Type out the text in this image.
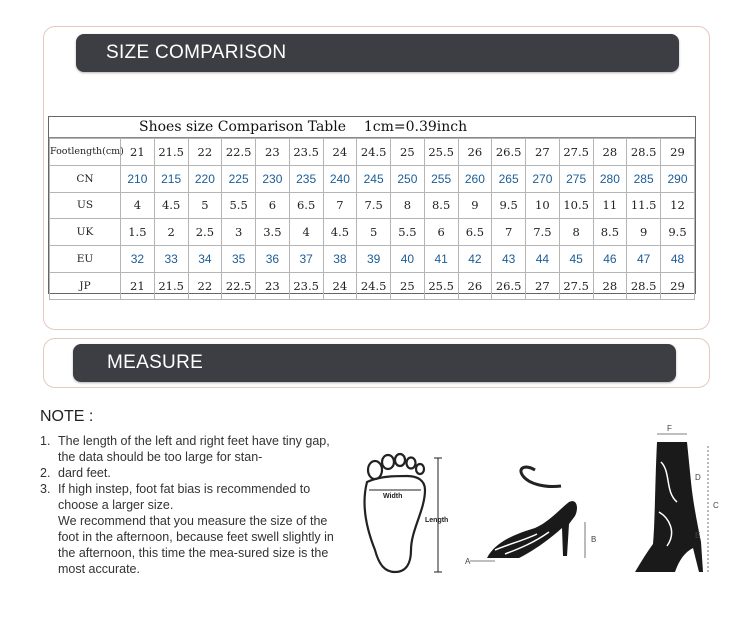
SIZE COMPARISON
Shoes size Comparison Table    1cm=0.39inch
Footlength(cm)	21	21.5	22	22.5	23	23.5	24	24.5	25	25.5	26	26.5	27	27.5	28	28.5	29
CN	210	215	220	225	230	235	240	245	250	255	260	265	270	275	280	285	290
US	4	4.5	5	5.5	6	6.5	7	7.5	8	8.5	9	9.5	10	10.5	11	11.5	12
UK	1.5	2	2.5	3	3.5	4	4.5	5	5.5	6	6.5	7	7.5	8	8.5	9	9.5
EU	32	33	34	35	36	37	38	39	40	41	42	43	44	45	46	47	48
JP	21	21.5	22	22.5	23	23.5	24	24.5	25	25.5	26	26.5	27	27.5	28	28.5	29
MEASURE
NOTE :
1. The length of the left and right feet have tiny gap, the data should be too large for stan-
2. dard feet.
3. If high instep, foot fat bias is recommended to choose a larger size.
We recommend that you measure the size of the foot in the afternoon, because feet swell slightly in the afternoon, this time the mea-sured size is the most accurate.
Width
Length
A
B
F
D
C
E
